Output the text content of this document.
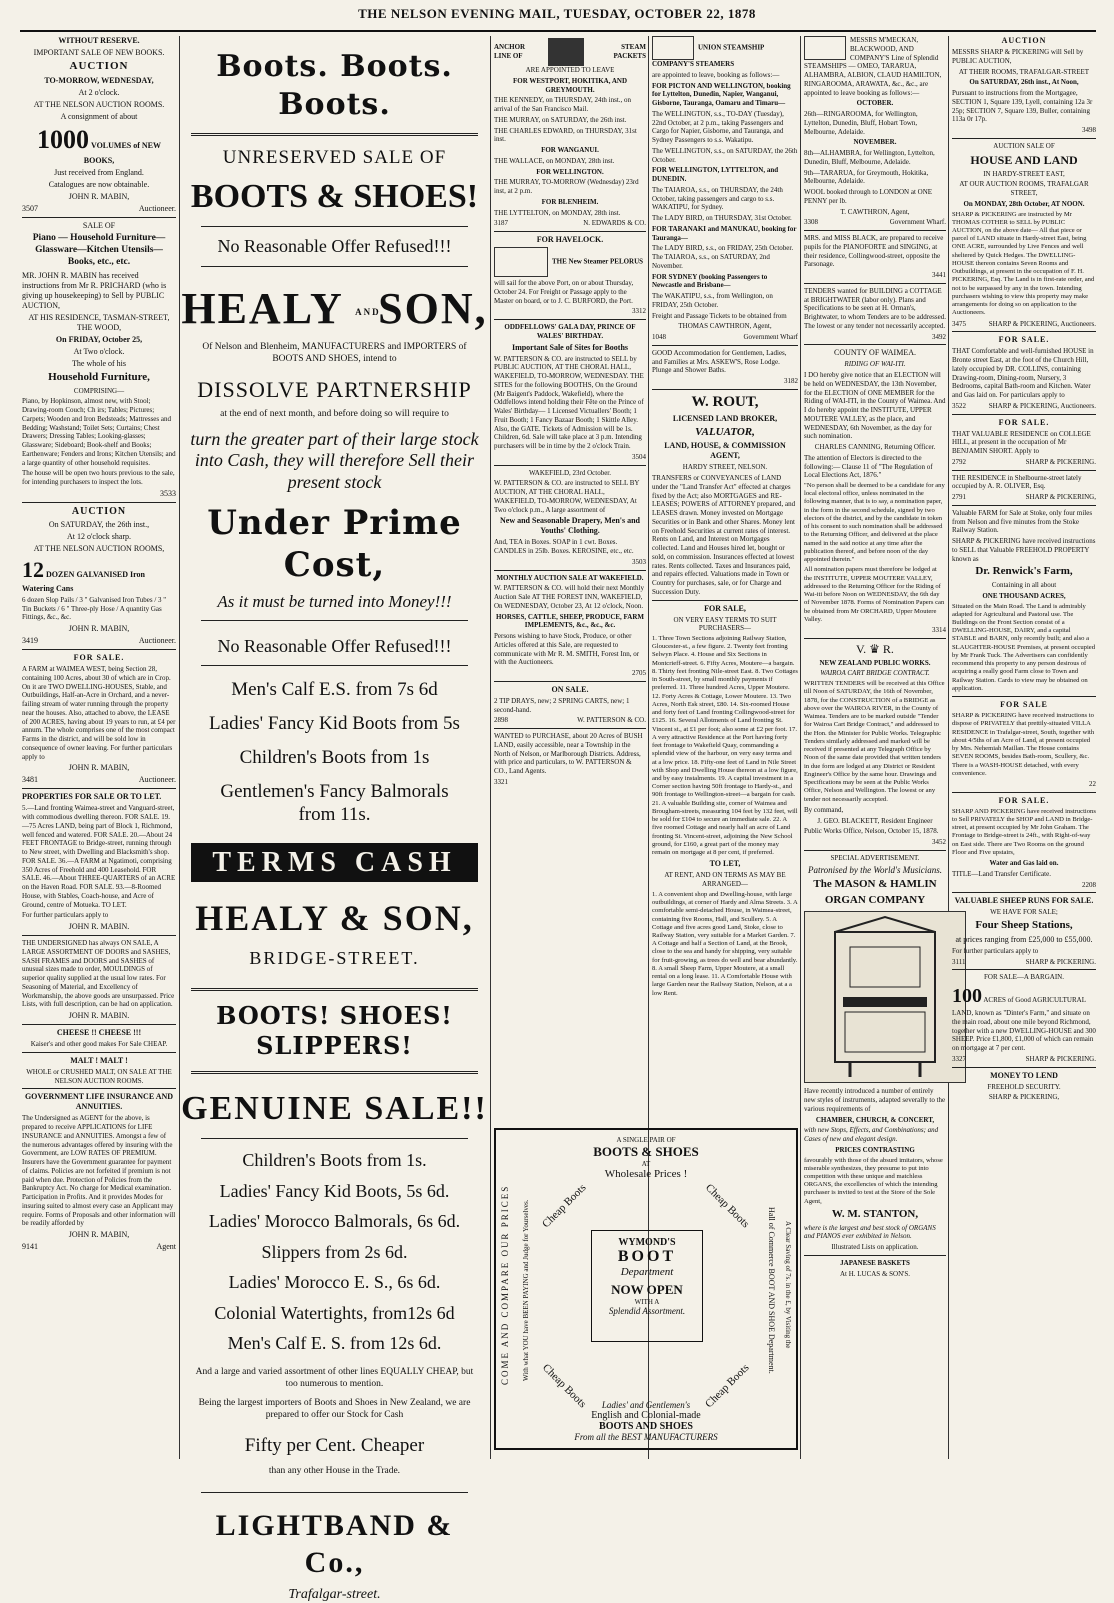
THE NELSON EVENING MAIL, TUESDAY, OCTOBER 22, 1878

WITHOUT RESERVE.

IMPORTANT SALE OF NEW BOOKS.

AUCTION

TO-MORROW, WEDNESDAY,

At 2 o'clock.

AT THE NELSON AUCTION ROOMS.

A consignment of about

1000 VOLUMES of NEW BOOKS,

Just received from England.

Catalogues are now obtainable.

JOHN R. MABIN,

3507	Auctioneer.

SALE OF

Piano — Household Furniture—Glassware—Kitchen Utensils—Books, etc., etc.

MR. JOHN R. MABIN has received instructions from Mr R. PRICHARD (who is giving up housekeeping) to Sell by PUBLIC AUCTION,

AT HIS RESIDENCE, TASMAN-STREET, THE WOOD,

On FRIDAY, October 25,

At Two o'clock.

The whole of his

Household Furniture,

COMPRISING—

Piano, by Hopkinson, almost new, with Stool; Drawing-room Couch; Ch irs; Tables; Pictures; Carpets; Wooden and Iron Bedsteads; Mattresses and Bedding; Washstand; Toilet Sets; Curtains; Chest Drawers; Dressing Tables; Looking-glasses; Glassware; Sideboard; Book-shelf and Books; Earthenware; Fenders and Irons; Kitchen Utensils; and a large quantity of other household requisites.

The house will be open two hours previous to the sale, for intending purchasers to inspect the lots.

3533

AUCTION

On SATURDAY, the 26th inst.,

At 12 o'clock sharp.

AT THE NELSON AUCTION ROOMS,

12 DOZEN GALVANISED Iron Watering Cans

6 dozen Slop Pails / 3 " Galvanised Iron Tubes / 3 " Tin Buckets / 6 " Three-ply Hose / A quantity Gas Fittings, &c., &c.

JOHN R. MABIN,

3419	Auctioneer.

FOR SALE.

A FARM at WAIMEA WEST, being Section 28, containing 100 Acres, about 30 of which are in Crop. On it are TWO DWELLING-HOUSES, Stable, and Outbuildings, Half-an-Acre in Orchard, and a never-failing stream of water running through the property near the houses. Also, attached to above, the LEASE of 200 ACRES, having about 19 years to run, at £4 per annum. The whole comprises one of the most compact Farms in the district, and will be sold low in consequence of owner leaving. For further particulars apply to

JOHN R. MABIN,

3481	Auctioneer.

PROPERTIES FOR SALE OR TO LET.

5.—Land fronting Waimea-street and Vanguard-street, with commodious dwelling thereon. FOR SALE. 19.—75 Acres LAND, being part of Block 1, Richmond, well fenced and watered. FOR SALE. 20.—About 24 FEET FRONTAGE to Bridge-street, running through to New street, with Dwelling and Blacksmith's shop. FOR SALE. 36.—A FARM at Ngatimoti, comprising 350 Acres of Freehold and 400 Leasehold. FOR SALE. 46.—About THREE-QUARTERS of an ACRE on the Haven Road. FOR SALE. 93.—8-Roomed House, with Stables, Coach-house, and Acre of Ground, centre of Motueka. TO LET.

For further particulars apply to

JOHN R. MABIN.

THE UNDERSIGNED has always ON SALE, A LARGE ASSORTMENT OF DOORS and SASHES, SASH FRAMES and DOORS and SASHES of unusual sizes made to order, MOULDINGS of superior quality supplied at the usual low rates. For Seasoning of Material, and Excellency of Workmanship, the above goods are unsurpassed. Price Lists, with full description, can be had on application.

JOHN R. MABIN.

CHEESE !! CHEESE !!!

Kaiser's and other good makes For Sale CHEAP.

MALT ! MALT !

WHOLE or CRUSHED MALT, ON SALE AT THE NELSON AUCTION ROOMS.

GOVERNMENT LIFE INSURANCE AND ANNUITIES.

The Undersigned as AGENT for the above, is prepared to receive APPLICATIONS for LIFE INSURANCE and ANNUITIES. Amongst a few of the numerous advantages offered by insuring with the Government, are LOW RATES OF PREMIUM. Insurers have the Government guarantee for payment of claims. Policies are not forfeited if premium is not paid when due. Protection of Policies from the Bankruptcy Act. No charge for Medical examination. Participation in Profits. And it provides Modes for insuring suited to almost every case an Applicant may require. Forms of Proposals and other information will be readily afforded by

JOHN R. MABIN,

9141	Agent

Boots. Boots. Boots.
UNRESERVED SALE OF
BOOTS & SHOES!
No Reasonable Offer Refused!!!
HEALY AND SON,
Of Nelson and Blenheim, MANUFACTURERS and IMPORTERS of BOOTS AND SHOES, intend to
DISSOLVE PARTNERSHIP
at the end of next month, and before doing so will require to
turn the greater part of their large stock into Cash, they will therefore Sell their present stock
Under Prime Cost,
As it must be turned into Money!!!
No Reasonable Offer Refused!!!
Men's Calf E.S. from 7s 6d
Ladies' Fancy Kid Boots from 5s
Children's Boots from 1s
Gentlemen's Fancy Balmorals from 11s.
TERMS CASH
HEALY & SON,
BRIDGE-STREET.
BOOTS! SHOES! SLIPPERS!
GENUINE SALE!!
Children's Boots from 1s.
Ladies' Fancy Kid Boots, 5s 6d.
Ladies' Morocco Balmorals, 6s 6d.
Slippers from 2s 6d.
Ladies' Morocco E. S., 6s 6d.
Colonial Watertights, from12s 6d
Men's Calf E. S. from 12s 6d.
And a large and varied assortment of other lines EQUALLY CHEAP, but too numerous to mention.
Being the largest importers of Boots and Shoes in New Zealand, we are prepared to offer our Stock for Cash
Fifty per Cent. Cheaper
than any other House in the Trade.
LIGHTBAND & Co.,
Trafalgar-street.
ANCHOR LINE OF
STEAM PACKETS

ARE APPOINTED TO LEAVE

FOR WESTPORT, HOKITIKA, AND GREYMOUTH.

THE KENNEDY, on THURSDAY, 24th inst., on arrival of the San Francisco Mail.

THE MURRAY, on SATURDAY, the 26th inst.

THE CHARLES EDWARD, on THURSDAY, 31st inst.

FOR WANGANUI.

THE WALLACE, on MONDAY, 28th inst.

FOR WELLINGTON.

THE MURRAY, TO-MORROW (Wednesday) 23rd inst, at 2 p.m.

FOR BLENHEIM.

THE LYTTELTON, on MONDAY, 28th inst.

3187	N. EDWARDS & CO.

FOR HAVELOCK.

THE New Steamer PELORUS

will sail for the above Port, on or about Thursday, October 24. For Freight or Passage apply to the Master on board, or to J. C. BURFORD, the Port.

3312

ODDFELLOWS' GALA DAY, PRINCE OF WALES' BIRTHDAY.

Important Sale of Sites for Booths

W. PATTERSON & CO. are instructed to SELL by PUBLIC AUCTION, AT THE CHORAL HALL, WAKEFIELD, TO-MORROW, WEDNESDAY. THE SITES for the following BOOTHS, On the Ground (Mr Baigent's Paddock, Wakefield), where the Oddfellows intend holding their Fête on the Prince of Wales' Birthday— 1 Licensed Victuallers' Booth; 1 Fruit Booth; 1 Fancy Bazaar Booth; 1 Skittle Alley. Also, the GATE. Tickets of Admission will be 1s. Children, 6d. Sale will take place at 3 p.m. Intending purchasers will be in time by the 2 o'clock Train.

3504

WAKEFIELD, 23rd October.

W. PATTERSON & CO. are instructed to SELL BY AUCTION, AT THE CHORAL HALL, WAKEFIELD, TO-MORROW, WEDNESDAY, At Two o'clock p.m., A large assortment of

New and Seasonable Drapery, Men's and Youths' Clothing.

And, TEA in Boxes. SOAP in 1 cwt. Boxes. CANDLES in 25lb. Boxes. KEROSINE, etc., etc.

3503

MONTHLY AUCTION SALE AT WAKEFIELD.

W. PATTERSON & CO. will hold their next Monthly Auction Sale AT THE FOREST INN, WAKEFIELD, On WEDNESDAY, October 23, At 12 o'clock, Noon.

HORSES, CATTLE, SHEEP, PRODUCE, FARM IMPLEMENTS, &c., &c., &c.

Persons wishing to have Stock, Produce, or other Articles offered at this Sale, are requested to communicate with Mr R. M. SMITH, Forest Inn, or with the Auctioneers.

2705

ON SALE.

2 TIP DRAYS, new; 2 SPRING CARTS, new; 1 second-hand.

2898	W. PATTERSON & CO.

WANTED to PURCHASE, about 20 Acres of BUSH LAND, easily accessible, near a Township in the North of Nelson, or Marlborough Districts. Address, with price and particulars, to W. PATTERSON & CO., Land Agents.

3321

UNION STEAMSHIP COMPANY'S STEAMERS

are appointed to leave, booking as follows:—

FOR PICTON AND WELLINGTON, booking for Lyttelton, Dunedin, Napier, Wanganui, Gisborne, Tauranga, Oamaru and Timaru—

The WELLINGTON, s.s., TO-DAY (Tuesday), 22nd October, at 2 p.m., taking Passengers and Cargo for Napier, Gisborne, and Tauranga, and Sydney Passengers to s.s. Wakatipu.

The WELLINGTON, s.s., on SATURDAY, the 26th October.

FOR WELLINGTON, LYTTELTON, and DUNEDIN.

The TAIAROA, s.s., on THURSDAY, the 24th October, taking passengers and cargo to s.s. WAKATIPU, for Sydney.

The LADY BIRD, on THURSDAY, 31st October.

FOR TARANAKI and MANUKAU, booking for Tauranga—

The LADY BIRD, s.s., on FRIDAY, 25th October. The TAIAROA, s.s., on SATURDAY, 2nd November.

FOR SYDNEY (booking Passengers to Newcastle and Brisbane—

The WAKATIPU, s.s., from Wellington, on FRIDAY, 25th October.

Freight and Passage Tickets to be obtained from

THOMAS CAWTHRON, Agent,

1048	Government Wharf

GOOD Accommodation for Gentlemen, Ladies, and Families at Mrs. ASKEW'S, Rose Lodge. Plunge and Shower Baths.

3182

W. ROUT,

LICENSED LAND BROKER,

VALUATOR,

LAND, HOUSE, & COMMISSION AGENT,

HARDY STREET, NELSON.

TRANSFERS or CONVEYANCES of LAND under the "Land Transfer Act" effected at charges fixed by the Act; also MORTGAGES and RE-LEASES; POWERS of ATTORNEY prepared, and LEASES drawn. Money invested on Mortgage Securities or in Bank and other Shares. Money lent on Freehold Securities at current rates of interest. Rents on Land, and Interest on Mortgages collected. Land and Houses hired let, bought or sold, on commission. Insurances effected at lowest rates. Rents collected. Taxes and Insurances paid, and repairs effected. Valuations made in Town or Country for purchases, sale, or for Charge and Succession Duty.

FOR SALE,

ON VERY EASY TERMS TO SUIT PURCHASERS—

1. Three Town Sections adjoining Railway Station, Gloucester-st., a few figure. 2. Twenty feet fronting Selwyn Place. 4. House and Six Sections in Montcrieff-street. 6. Fifty Acres, Moutere—a bargain. 8. Thirty feet fronting Nile-street East. 8. Two Cottages in South-street, by small monthly payments if preferred. 11. Three hundred Acres, Upper Moutere. 12. Forty Acres & Cottage, Lower Moutere. 13. Two Acres, North Esk street, £80. 14. Six-roomed House and forty feet of Land fronting Collingwood-street for £125. 16. Several Allotments of Land fronting St. Vincent st., at £1 per foot; also some at £2 per foot. 17. A very attractive Residence at the Port having forty feet frontage to Wakefield Quay, commanding a splendid view of the harbour, on very easy terms and at a low price. 18. Fifty-one feet of Land in Nile Street with Shop and Dwelling House thereon at a low figure, and by easy instalments. 19. A capital investment in a Corner section having 50ft frontage to Hardy-st., and 90ft frontage to Wellington-street—a bargain for cash. 21. A valuable Building site, corner of Waimea and Brougham-streets, measuring 104 feet by 132 feet, will be sold for £104 to secure an immediate sale. 22. A five roomed Cottage and nearly half an acre of Land fronting St. Vincent-street, adjoining the New School ground, for £160, a great part of the money may remain on mortgage at 8 per cent, if preferred.

TO LET,

AT RENT, AND ON TERMS AS MAY BE ARRANGED—

1. A convenient shop and Dwelling-house, with large outbuildings, at corner of Hardy and Alma Streets. 3. A comfortable semi-detached House, in Waimea-street, containing five Rooms, Hall, and Scullery. 5. A Cottage and five acres good Land, Stoke, close to Railway Station, very suitable for a Market Garden. 7. A Cottage and half a Section of Land, at the Brook, close to the sea and handy for shipping, very suitable for fruit-growing, as trees do well and bear abundantly. 8. A small Sheep Farm, Upper Moutere, at a small rental on a long lease. 11. A Comfortable House with large Garden near the Railway Station, Nelson, at a a low Rent.

A SINGLE PAIR OF
BOOTS & SHOES
AT
Wholesale Prices !
COME AND COMPARE OUR PRICES	With what YOU have BEEN PAYING and Judge for Yourselves.	A Clear Saving of 7s. in the £, by Visiting the
Hall of Commerce BOOT AND SHOE Department.
WYMOND'S
BOOT
Department
NOW OPEN
WITH A
Splendid Assortment.
Cheap Boots	Cheap Boots
Cheap Boots	Cheap Boots
Ladies' and Gentlemen's
English and Colonial-made
BOOTS AND SHOES
From all the BEST MANUFACTURERS

MESSRS M'MECKAN, BLACKWOOD, AND COMPANY'S Line of Splendid STEAMSHIPS — OMEO, TARARUA, ALHAMBRA, ALBION, CLAUD HAMILTON, RINGAROOMA, ARAWATA, &c., &c., are appointed to leave booking as follows:—

OCTOBER.

26th—RINGAROOMA, for Wellington, Lyttelton, Dunedin, Bluff, Hobart Town, Melbourne, Adelaide.

NOVEMBER.

8th—ALHAMBRA, for Wellington, Lyttelton, Dunedin, Bluff, Melbourne, Adelaide.

9th—TARARUA, for Greymouth, Hokitika, Melbourne, Adelaide.

WOOL booked through to LONDON at ONE PENNY per lb.

T. CAWTHRON, Agent,

3308	Government Wharf.

MRS. and MISS BLACK, are prepared to receive pupils for the PIANOFORTE and SINGING, at their residence, Collingwood-street, opposite the Parsonage.

3441

TENDERS wanted for BUILDING a COTTAGE at BRIGHTWATER (labor only). Plans and Specifications to be seen at H. Orman's, Brightwater, to whom Tenders are to be addressed. The lowest or any tender not necessarily accepted.

3492

COUNTY OF WAIMEA.

RIDING OF WAI-ITI.

I DO hereby give notice that an ELECTION will be held on WEDNESDAY, the 13th November, for the ELECTION of ONE MEMBER for the Riding of WAI-ITI, in the County of Waimea. And I do hereby appoint the INSTITUTE, UPPER MOUTERE VALLEY, as the place, and WEDNESDAY, 6th November, as the day for such nomination.

CHARLES CANNING, Returning Officer.

The attention of Electors is directed to the following:— Clause 11 of "The Regulation of Local Elections Act, 1876."

"No person shall be deemed to be a candidate for any local electoral office, unless nominated in the following manner, that is to say, a nomination paper, in the form in the second schedule, signed by two electors of the district, and by the candidate in token of his consent to such nomination shall be addressed to the Returning Officer, and delivered at the place named in the said notice at any time after the publication thereof, and before noon of the day appointed therein."

All nomination papers must therefore be lodged at the INSTITUTE, UPPER MOUTERE VALLEY, addressed to the Returning Officer for the Riding of Wai-iti before Noon on WEDNESDAY, the 6th day of November 1878. Forms of Nomination Papers can be obtained from Mr ORCHARD, Upper Moutere Valley.

3314

V. ♛ R.

NEW ZEALAND PUBLIC WORKS.

WAIROA CART BRIDGE CONTRACT.

WRITTEN TENDERS will be received at this Office till Noon of SATURDAY, the 16th of November, 1878, for the CONSTRUCTION of a BRIDGE as above over the WAIROA RIVER, in the County of Waimea. Tenders are to be marked outside "Tender for Wairoa Cart Bridge Contract," and addressed to the Hon. the Minister for Public Works. Telegraphic Tenders similarly addressed and marked will be received if presented at any Telegraph Office by Noon of the same date provided that written tenders in due form are lodged at any District or Resident Engineer's Office by the same hour. Drawings and Specifications may be seen at the Public Works Office, Nelson and Wellington. The lowest or any tender not necessarily accepted.

By command,

J. GEO. BLACKETT, Resident Engineer

Public Works Office, Nelson, October 15, 1878.

3452

SPECIAL ADVERTISEMENT.

Patronised by the World's Musicians.

The MASON & HAMLIN

ORGAN COMPANY

Have recently introduced a number of entirely new styles of instruments, adapted severally to the various requirements of

CHAMBER, CHURCH, & CONCERT,

with new Stops, Effects, and Combinations; and Cases of new and elegant design.

PRICES CONTRASTING

favourably with those of the absurd imitators, whose miserable synthesizes, they presume to put into competition with these unique and matchless ORGANS, the excellencies of which the intending purchaser is invited to test at the Store of the Sole Agent,

W. M. STANTON,

where is the largest and best stock of ORGANS and PIANOS ever exhibited in Nelson.

Illustrated Lists on application.

JAPANESE BASKETS

At H. LUCAS & SON'S.

AUCTION

MESSRS SHARP & PICKERING will Sell by PUBLIC AUCTION,

AT THEIR ROOMS, TRAFALGAR-STREET

On SATURDAY, 26th inst., At Noon,

Pursuant to instructions from the Mortgagee, SECTION 1, Square 139, Lyell, containing 12a 3r 25p; SECTION 7, Square 139, Buller, containing 113a 0r 17p.

3498

AUCTION SALE OF

HOUSE AND LAND

IN HARDY-STREET EAST,

AT OUR AUCTION ROOMS, TRAFALGAR STREET,

On MONDAY, 28th October, AT NOON.

SHARP & PICKERING are instructed by Mr THOMAS COTHER to SELL by PUBLIC AUCTION, on the above date— All that piece or parcel of LAND situate in Hardy-street East, being ONE ACRE, surrounded by Live Fences and well sheltered by Quick Hedges. The DWELLING-HOUSE thereon contains Seven Rooms and Outbuildings, at present in the occupation of F. H. PICKERING, Esq. The Land is in first-rate order, and not to be surpassed by any in the town. Intending purchasers wishing to view this property may make arrangements for doing so on application to the Auctioneers.

3475	SHARP & PICKERING, Auctioneers.

FOR SALE.

THAT Comfortable and well-furnished HOUSE in Bronte street East, at the foot of the Church Hill, lately occupied by DR. COLLINS, containing Drawing-room, Dining-room, Nursery, 3 Bedrooms, capital Bath-room and Kitchen. Water and Gas laid on. For particulars apply to

3522	SHARP & PICKERING, Auctioneers.

FOR SALE.

THAT VALUABLE RESIDENCE on COLLEGE HILL, at present in the occupation of Mr BENJAMIN SHORT. Apply to

2792	SHARP & PICKERING.

THE RESIDENCE in Shelbourne-street lately occupied by A. R. OLIVER, Esq.

2791	SHARP & PICKERING,

Valuable FARM for Sale at Stoke, only four miles from Nelson and five minutes from the Stoke Railway Station.

SHARP & PICKERING have received instructions to SELL that Valuable FREEHOLD PROPERTY known as

Dr. Renwick's Farm,

Containing in all about

ONE THOUSAND ACRES,

Situated on the Main Road. The Land is admirably adapted for Agricultural and Pastoral use. The Buildings on the Front Section consist of a DWELLING-HOUSE, DAIRY, and a capital STABLE and BARN, only recently built; and also a SLAUGHTER-HOUSE Premises, at present occupied by Mr Frank Tuck. The Advertisers can confidently recommend this property to any person desirous of acquiring a really good Farm close to Town and Railway Station. Cards to view may be obtained on application.

FOR SALE

SHARP & PICKERING have received instructions to dispose of PRIVATELY that prettily-situated VILLA RESIDENCE in Trafalgar-street, South, together with about 4/5ths of an Acre of Land, at present occupied by Mrs. Nehemiah Maillan. The House contains SEVEN ROOMS, besides Bath-room, Scullery, &c. There is a WASH-HOUSE detached, with every convenience.

22

FOR SALE.

SHARP AND PICKERING have received instructions to Sell PRIVATELY the SHOP and LAND in Bridge-street, at present occupied by Mr John Graham. The Frontage to Bridge-street is 24ft., with Right-of-way on East side. There are Two Rooms on the ground Floor and Five upstairs,

Water and Gas laid on.

TITLE—Land Transfer Certificate.

2208

VALUABLE SHEEP RUNS FOR SALE.

WE HAVE FOR SALE;

Four Sheep Stations,

at prices ranging from £25,000 to £55,000.

For further particulars apply to

3111	SHARP & PICKERING.

FOR SALE—A BARGAIN.

100 ACRES of Good AGRICULTURAL LAND, known as "Dinter's Farm," and situate on the main road, about one mile beyond Richmond, together with a new DWELLING-HOUSE and 300 SHEEP. Price £1,800, £1,000 of which can remain on mortgage at 7 per cent.

3327	SHARP & PICKERING.

MONEY TO LEND

FREEHOLD SECURITY.

SHARP & PICKERING,
